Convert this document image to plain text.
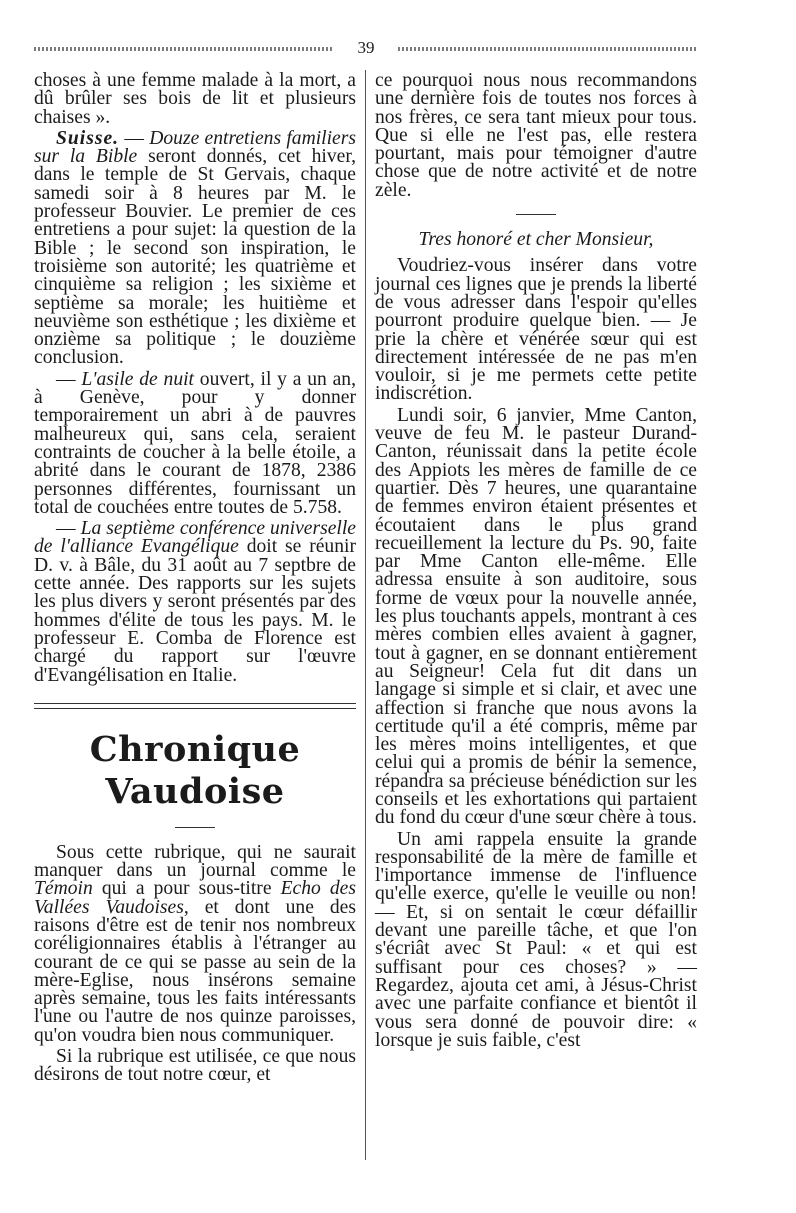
39

choses à une femme malade à la mort, a dû brûler ses bois de lit et plusieurs chaises ».

Suisse. — Douze entretiens familiers sur la Bible seront donnés, cet hiver, dans le temple de St Gervais, chaque samedi soir à 8 heures par M. le professeur Bouvier. Le premier de ces entretiens a pour sujet: la question de la Bible ; le second son inspiration, le troisième son autorité; les quatrième et cinquième sa religion ; les sixième et septième sa morale; les huitième et neuvième son esthétique ; les dixième et onzième sa politique ; le douzième conclusion.

— L'asile de nuit ouvert, il y a un an, à Genève, pour y donner temporairement un abri à de pauvres malheureux qui, sans cela, seraient contraints de coucher à la belle étoile, a abrité dans le courant de 1878, 2386 personnes différentes, fournissant un total de couchées entre toutes de 5.758.

— La septième conférence universelle de l'alliance Evangélique doit se réunir D. v. à Bâle, du 31 août au 7 septbre de cette année. Des rapports sur les sujets les plus divers y seront présentés par des hommes d'élite de tous les pays. M. le professeur E. Comba de Florence est chargé du rapport sur l'œuvre d'Evangélisation en Italie.

Chronique Vaudoise

Sous cette rubrique, qui ne saurait manquer dans un journal comme le Témoin qui a pour sous-titre Echo des Vallées Vaudoises, et dont une des raisons d'être est de tenir nos nombreux coréligionnaires établis à l'étranger au courant de ce qui se passe au sein de la mère-Eglise, nous insérons semaine après semaine, tous les faits intéressants l'une ou l'autre de nos quinze paroisses, qu'on voudra bien nous communiquer.

Si la rubrique est utilisée, ce que nous désirons de tout notre cœur, et

ce pourquoi nous nous recommandons une dernière fois de toutes nos forces à nos frères, ce sera tant mieux pour tous. Que si elle ne l'est pas, elle restera pourtant, mais pour témoigner d'autre chose que de notre activité et de notre zèle.

Tres honoré et cher Monsieur,

Voudriez-vous insérer dans votre journal ces lignes que je prends la liberté de vous adresser dans l'espoir qu'elles pourront produire quelque bien. — Je prie la chère et vénérée sœur qui est directement intéressée de ne pas m'en vouloir, si je me permets cette petite indiscrétion.

Lundi soir, 6 janvier, Mme Canton, veuve de feu M. le pasteur Durand-Canton, réunissait dans la petite école des Appiots les mères de famille de ce quartier. Dès 7 heures, une quarantaine de femmes environ étaient présentes et écoutaient dans le plus grand recueillement la lecture du Ps. 90, faite par Mme Canton elle-même. Elle adressa ensuite à son auditoire, sous forme de vœux pour la nouvelle année, les plus touchants appels, montrant à ces mères combien elles avaient à gagner, tout à gagner, en se donnant entièrement au Seigneur! Cela fut dit dans un langage si simple et si clair, et avec une affection si franche que nous avons la certitude qu'il a été compris, même par les mères moins intelligentes, et que celui qui a promis de bénir la semence, répandra sa précieuse bénédiction sur les conseils et les exhortations qui partaient du fond du cœur d'une sœur chère à tous.

Un ami rappela ensuite la grande responsabilité de la mère de famille et l'importance immense de l'influence qu'elle exerce, qu'elle le veuille ou non! — Et, si on sentait le cœur défaillir devant une pareille tâche, et que l'on s'écriât avec St Paul: « et qui est suffisant pour ces choses? » — Regardez, ajouta cet ami, à Jésus-Christ avec une parfaite confiance et bientôt il vous sera donné de pouvoir dire: « lorsque je suis faible, c'est
